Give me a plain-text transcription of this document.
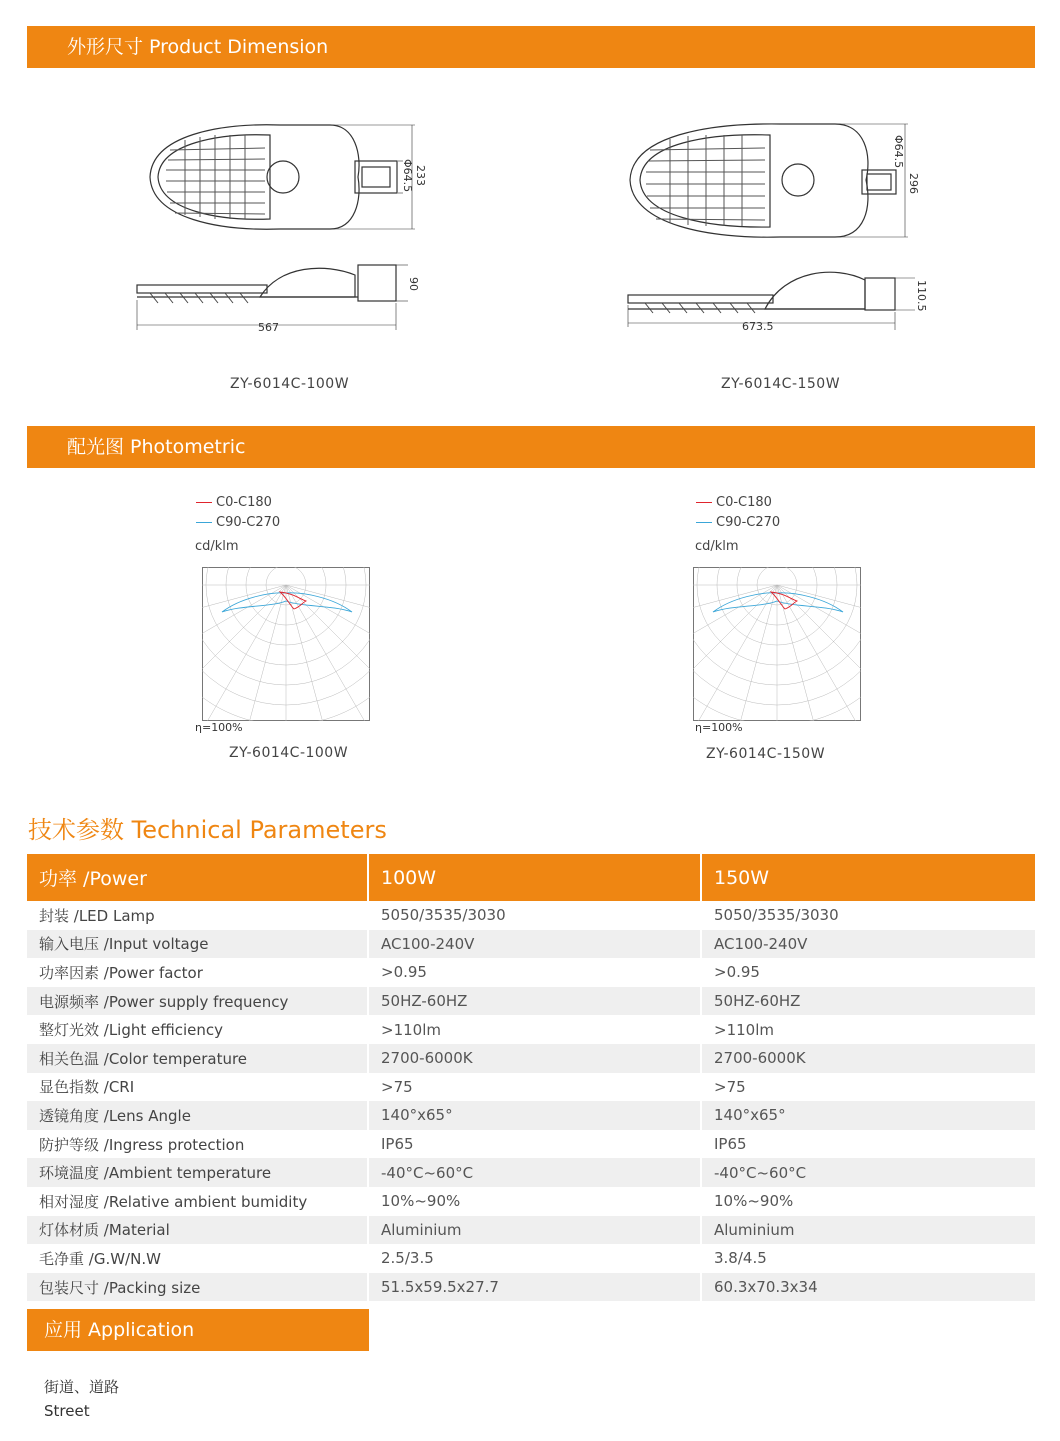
外形尺寸 Product Dimension
233
Φ64.5
90
567
Φ64.5
296
110.5
673.5
ZY-6014C-100W	ZY-6014C-150W
配光图 Photometric
C0-C180
C90-C270
cd/klm
η=100%
ZY-6014C-100W
C0-C180
C90-C270
cd/klm
η=100%
ZY-6014C-150W
技术参数 Technical Parameters
功率 /Power	100W	150W
封装 /LED Lamp	5050/3535/3030	5050/3535/3030
输入电压 /Input voltage	AC100-240V	AC100-240V
功率因素 /Power factor	>0.95	>0.95
电源频率 /Power supply frequency	50HZ-60HZ	50HZ-60HZ
整灯光效 /Light efficiency	>110lm	>110lm
相关色温 /Color temperature	2700-6000K	2700-6000K
显色指数 /CRI	>75	>75
透镜角度 /Lens Angle	140°x65°	140°x65°
防护等级 /Ingress protection	IP65	IP65
环境温度 /Ambient temperature	-40°C~60°C	-40°C~60°C
相对湿度 /Relative ambient bumidity	10%~90%	10%~90%
灯体材质 /Material	Aluminium	Aluminium
毛净重 /G.W/N.W	2.5/3.5	3.8/4.5
包装尺寸 /Packing size	51.5x59.5x27.7	60.3x70.3x34
应用 Application
街道、道路
Street
